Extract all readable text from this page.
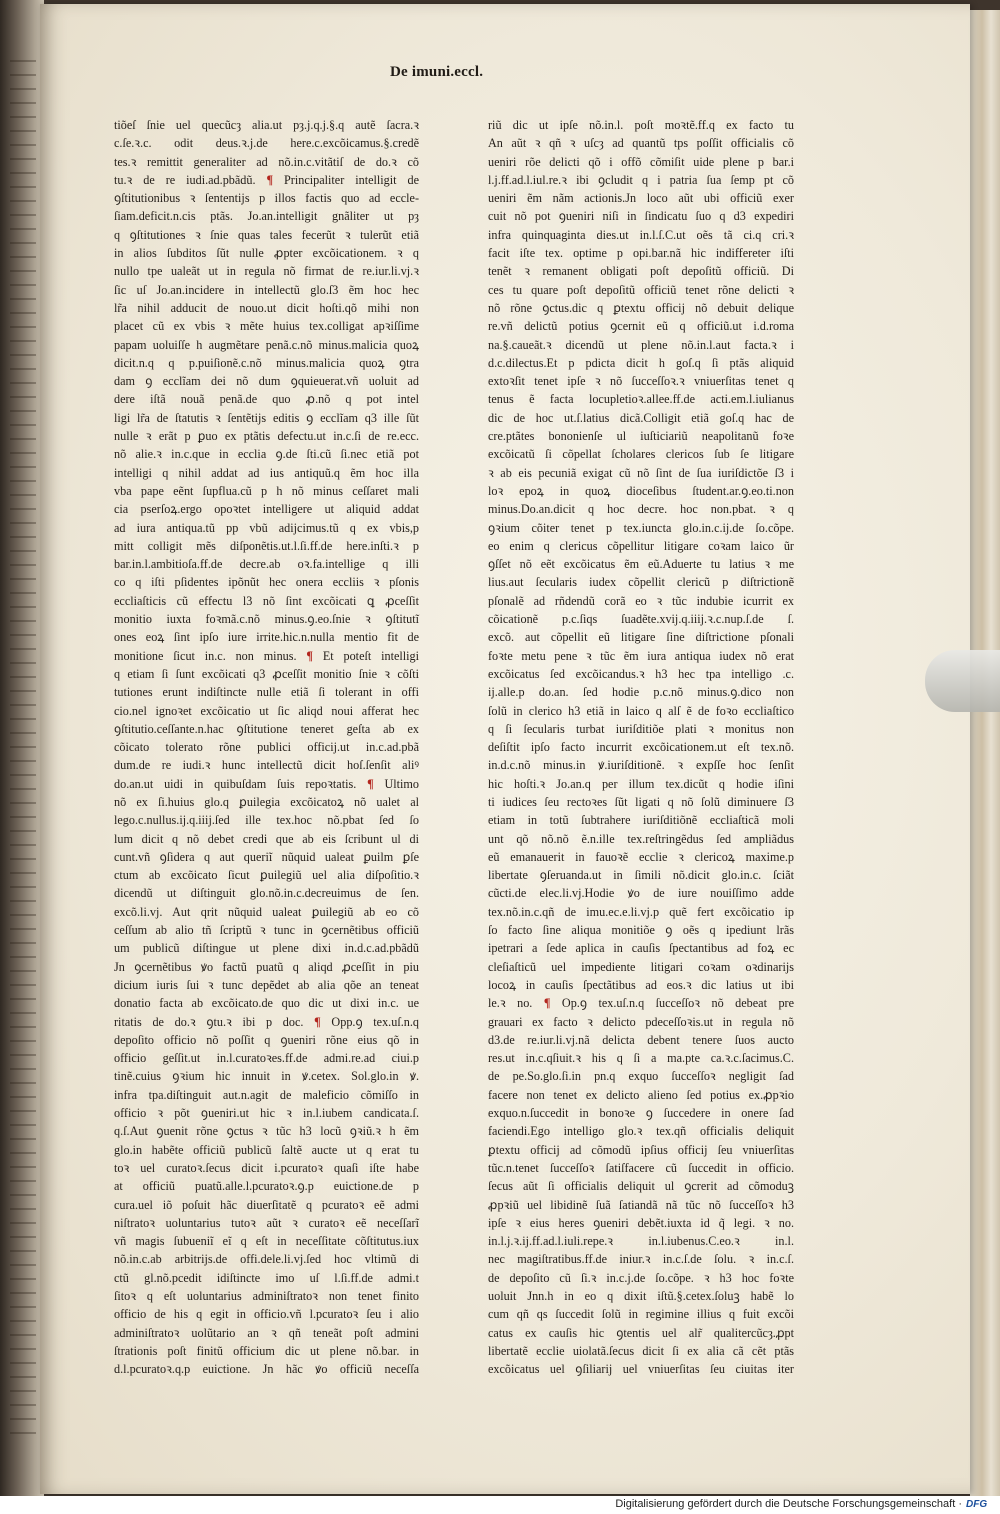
De imuni.eccl.
tiõeſ ſnie uel quecũcȝ alia.ut pȝ.j.q.j.§.q autẽ ſacra.ꝛ
c.ſe.ꝛ.c. odit deus.ꝛ.j.de here.c.excõicamus.§.credẽ
tes.ꝛ remittit generaliter ad nõ.in.c.vitãtiſ de do.ꝛ cõ
tu.ꝛ de re iudi.ad.pbãdũ. ¶ Principaliter intelligit de
ꝯſtitutionibus ꝛ ſententijs p illos factis quo ad eccle-
ſiam.deficit.n.cis ptãs. Jo.an.intelligit gnãliter ut pȝ
q ꝯſtitutiones ꝛ ſnie quas tales fecerũt ꝛ tulerũt etiã
in alios ſubditos ſũt nulle ꝓpter excõicationem. ꝛ q
nullo tpe ualeãt ut in regula nõ firmat de re.iur.li.vj.ꝛ
ſic uſ Jo.an.incidere in intellectũ glo.ſ3 ẽm hoc hec
lr̃a nihil adducit de nouo.ut dicit hoſti.qõ mihi non
placet cũ ex vbis ꝛ mẽte huius tex.colligat apꝛiſſime
papam uoluiſſe h augmẽtare penã.c.nõ minus.malicia quoꝝ
dicit.n.q q p.puiſionẽ.c.nõ minus.malicia quoꝝ ꝯtra
dam ꝯ ecclĩam dei nõ dum ꝯquieuerat.vñ uoluit ad
dere iſtã nouã penã.de quo ꝓ.nõ q pot intel
ligi lr̃a de ſtatutis ꝛ ſentẽtijs editis ꝯ ecclĩam q3 ille ſũt
nulle ꝛ erãt p ꝑuo ex ptãtis defectu.ut in.c.ſi de re.ecc.
nõ alie.ꝛ in.c.que in ecclia ꝯ.de ſti.cũ ſi.nec etiã pot
intelligi q nihil addat ad ius antiquũ.q ẽm hoc illa
vba pape eẽnt ſupflua.cũ p h nõ minus ceſſaret mali
cia pserſoꝝ.ergo opoꝛtet intelligere ut aliquid addat
ad iura antiqua.tũ pp vbũ adijcimus.tũ q ex vbis,p
mitt colligit mẽs diſponẽtis.ut.l.ſi.ff.de here.inſti.ꝛ p
bar.in.l.ambitioſa.ff.de decre.ab oꝛ.fa.intellige q illi
co q iſti pſidentes ipõnũt hec onera eccliis ꝛ pſonis
eccliaſticis cũ effectu l3 nõ ſint excõicati ꝗ ꝓceſſit
monitio iuxta foꝛmã.c.nõ minus.ꝯ.eo.ſnie ꝛ ꝯſtitutĩ
ones eoꝝ ſint ipſo iure irrite.hic.n.nulla mentio fit de
monitione ſicut in.c. non minus. ¶ Et poteſt intelligi
q etiam ſi ſunt excõicati q3 ꝓceſſit monitio ſnie ꝛ cõſti
tutiones erunt indiſtincte nulle etiã ſi tolerant in offi
cio.nel ignoꝛet excõicatio ut ſic aliqd noui afferat hec
ꝯſtitutio.ceſſante.n.hac ꝯſtitutione teneret geſta ab ex
cõicato tolerato rõne publici officij.ut in.c.ad.pbã
dum.de re iudi.ꝛ hunc intellectũ dicit hoſ.ſenſit aliꝰ
do.an.ut uidi in quibuſdam ſuis repoꝛtatis. ¶ Ultimo
nõ ex ſi.huius glo.q ꝑuilegia excõicatoꝝ nõ ualet al
lego.c.nullus.ij.q.iiij.ſed ille tex.hoc nõ.pbat ſed ſo
lum dicit q nõ debet credi que ab eis ſcribunt ul di
cunt.vñ ꝯſidera q aut queriĩ nũquid ualeat ꝑuilm ꝑſe
ctum ab excõicato ſicut ꝑuilegiũ uel alia diſpoſitio.ꝛ
dicendũ ut diſtinguit glo.nõ.in.c.decreuimus de ſen.
excõ.li.vj. Aut qrit nũquid ualeat ꝑuilegiũ ab eo cõ
ceſſum ab alio tñ ſcriptũ ꝛ tunc in ꝯcernẽtibus officiũ
um publicũ diſtingue ut plene dixi in.d.c.ad.pbãdũ
Jn ꝯcernẽtibus ꝟo factũ puatũ q aliqd ꝓceſſit in piu
dicium iuris ſui ꝛ tunc depẽdet ab alia qõe an teneat
donatio facta ab excõicato.de quo dic ut dixi in.c. ue
ritatis de do.ꝛ ꝯtu.ꝛ ibi p doc. ¶ Opp.ꝯ tex.uſ.n.q
depoſito officio nõ poſſit q ꝯueniri rõne eius qõ in
officio geſſit.ut in.l.curatoꝛes.ff.de admi.re.ad ciui.p
tinẽ.cuius ꝯꝛium hic innuit in ꝟ.cetex. Sol.glo.in ꝟ.
infra tpa.diſtinguit aut.n.agit de maleficio cõmiſſo in
officio ꝛ põt ꝯueniri.ut hic ꝛ in.l.iubem candicata.ſ.
q.ſ.Aut ꝯuenit rõne ꝯctus ꝛ tũc h3 locũ ꝯꝛiũ.ꝛ h ẽm
glo.in habẽte officiũ publicũ ſaltẽ aucte ut q erat tu
toꝛ uel curatoꝛ.ſecus dicit i.pcuratoꝛ quaſi iſte habe
at officiũ puatũ.alle.l.pcuratoꝛ.ꝯ.p euictione.de p
cura.uel iõ poſuit hãc diuerſitatẽ q pcuratoꝛ eẽ admi
niſtratoꝛ uoluntarius tutoꝛ aũt ꝛ curatoꝛ eẽ neceſſarĩ
vñ magis ſubueniĩ eĩ q eſt in neceſſitate cõſtitutus.iux
nõ.in.c.ab arbitrijs.de offi.dele.li.vj.ſed hoc vltimũ di
ctũ gl.nõ.pcedit idiſtincte imo uſ l.ſi.ff.de admi.t
ſitoꝛ q eſt uoluntarius adminiſtratoꝛ non tenet finito
officio de his q egit in officio.vñ l.pcuratoꝛ ſeu i alio
adminiſtratoꝛ uolũtario an ꝛ qñ teneãt poſt admini
ſtrationis poſt finitũ officium dic ut plene nõ.bar. in
d.l.pcuratoꝛ.q.p euictione. Jn hãc ꝟo officiũ neceſſa
riũ dic ut ipſe nõ.in.l. poſt moꝛtẽ.ff.q ex facto tu
An aũt ꝛ qñ ꝛ uſcȝ ad quantũ tps poſſit officialis cõ
ueniri rõe delicti qõ i offõ cõmiſit uide plene p bar.i
l.j.ff.ad.l.iul.re.ꝛ ibi ꝯcludit q i patria ſua ſemp pt cõ
ueniri ẽm nãm actionis.Jn loco aũt ubi officiũ exer
cuit nõ pot ꝯueniri niſi in ſindicatu ſuo q d3 expediri
infra quinquaginta dies.ut in.l.ſ.C.ut oẽs tã ci.q cri.ꝛ
facit iſte tex. optime p opi.bar.nã hic indiffereter iſti
tenẽt ꝛ remanent obligati poſt depoſitũ officiũ. Di
ces tu quare poſt depoſitũ officiũ tenet rõne delicti ꝛ
nõ rõne ꝯctus.dic q ꝑtextu officij nõ debuit delique
re.vñ delictũ potius ꝯcernit eũ q officiũ.ut i.d.roma
na.§.caueãt.ꝛ dicendũ ut plene nõ.in.l.aut facta.ꝛ i
d.c.dilectus.Et p pdicta dicit h goſ.q ſi ptãs aliquid
extoꝛſit tenet ipſe ꝛ nõ ſucceſſoꝛ.ꝛ vniuerſitas tenet q
tenus ẽ facta locupletioꝛ.allee.ff.de acti.em.l.iulianus
dic de hoc ut.ſ.latius dicã.Colligit etiã goſ.q hac de
cre.ptãtes bononienſe ul iuſticiariũ neapolitanũ foꝛe
excõicatũ ſi cõpellat ſcholares clericos ſub ſe litigare
ꝛ ab eis pecuniã exigat cũ nõ ſint de ſua iuriſdictõe ſ3 i
loꝛ epoꝝ in quoꝝ dioceſibus ſtudent.ar.ꝯ.eo.ti.non
minus.Do.an.dicit q hoc decre. hoc non.pbat. ꝛ q
ꝯꝛium cõiter tenet p tex.iuncta glo.in.c.ij.de ſo.cõpe.
eo enim q clericus cõpellitur litigare coꝛam laico ũr
ꝯſſet nõ eẽt excõicatus ẽm eũ.Aduerte tu latius ꝛ me
lius.aut ſecularis iudex cõpellit clericũ p diſtrictionẽ
pſonalẽ ad rñdendũ corã eo ꝛ tũc indubie icurrit ex
cõicationẽ p.c.ſiqs ſuadẽte.xvij.q.iiij.ꝛ.c.nup.ſ.de ſ.
excõ. aut cõpellit eũ litigare ſine diſtrictione pſonali
foꝛte metu pene ꝛ tũc ẽm iura antiqua iudex nõ erat
excõicatus ſed excõicandus.ꝛ h3 hec tpa intelligo .c.
ij.alle.p do.an. ſed hodie p.c.nõ minus.ꝯ.dico non
ſolũ in clerico h3 etiã in laico q alſ ẽ de foꝛo eccliaſtico
q ſi ſecularis turbat iuriſditiõe plati ꝛ monitus non
deſiſtit ipſo facto incurrit excõicationem.ut eſt tex.nõ.
in.d.c.nõ minus.in ꝟ.iuriſditionẽ. ꝛ expſſe hoc ſenſit
hic hoſti.ꝛ Jo.an.q per illum tex.dicũt q hodie iſini
ti iudices ſeu rectoꝛes ſũt ligati q nõ ſolũ diminuere ſ3
etiam in totũ ſubtrahere iuriſditiõnẽ eccliaſticã moli
unt qõ nõ.nõ ẽ.n.ille tex.reſtringẽdus ſed ampliãdus
eũ emanauerit in fauoꝛẽ ecclie ꝛ clericoꝝ maxime.p
libertate ꝯſeruanda.ut in ſimili nõ.dicit glo.in.c. ſciãt
cũcti.de elec.li.vj.Hodie ꝟo de iure nouiſſimo adde
tex.nõ.in.c.qñ de imu.ec.e.li.vj.p quẽ fert excõicatio ip
ſo facto ſine aliqua monitiõe ꝯ oẽs q ipediunt lrãs
ipetrari a ſede aplica in cauſis ſpectantibus ad foꝝ ec
cleſiaſticũ uel impediente litigari coꝛam oꝛdinarijs
locoꝝ in cauſis ſpectãtibus ad eos.ꝛ dic latius ut ibi
le.ꝛ no. ¶ Op.ꝯ tex.uſ.n.q ſucceſſoꝛ nõ debeat pre
grauari ex facto ꝛ delicto pdeceſſoꝛis.ut in regula nõ
d3.de re.iur.li.vj.nã delicta debent tenere ſuos aucto
res.ut in.c.qſiuit.ꝛ his q ſi a ma.pte ca.ꝛ.c.ſacimus.C.
de pe.So.glo.ſi.in pn.q exquo ſucceſſoꝛ negligit ſad
facere non tenet ex delicto alieno ſed potius ex.ꝓpꝛio
exquo.n.ſuccedit in bonoꝛe ꝯ ſuccedere in onere ſad
faciendi.Ego intelligo glo.ꝛ tex.qñ officialis deliquit
ꝑtextu officij ad cõmodũ ipſius officij ſeu vniuerſitas
tũc.n.tenet ſucceſſoꝛ ſatiſfacere cũ ſuccedit in officio.
ſecus aũt ſi officialis deliquit ul ꝯcrerit ad cõmoduꝫ
ꝓpꝛiũ uel libidinẽ ſuã ſatiandã nã tũc nõ ſucceſſoꝛ h3
ipſe ꝛ eius heres ꝯueniri debẽt.iuxta id q̃ legi. ꝛ no.
in.l.j.ꝛ.ij.ff.ad.l.iuli.repe.ꝛ in.l.iubenus.C.eo.ꝛ in.l.
nec magiſtratibus.ff.de iniur.ꝛ in.c.ſ.de ſolu. ꝛ in.c.ſ.
de depoſito cũ ſi.ꝛ in.c.j.de ſo.cõpe. ꝛ h3 hoc foꝛte
uoluit Jnn.h in eo q dixit iſtũ.§.cetex.ſoluꝫ habẽ lo
cum qñ qs ſuccedit ſolũ in regimine illius q fuit excõi
catus ex cauſis hic ꝯtentis uel alr̃ qualitercũcȝ.ꝓpt
libertatẽ ecclie uiolatã.ſecus dicit ſi ex alia cã cẽt ptãs
excõicatus uel ꝯſiliarij uel vniuerſitas ſeu ciuitas iter
Digitalisierung gefördert durch die Deutsche Forschungsgemeinschaft · DFG
